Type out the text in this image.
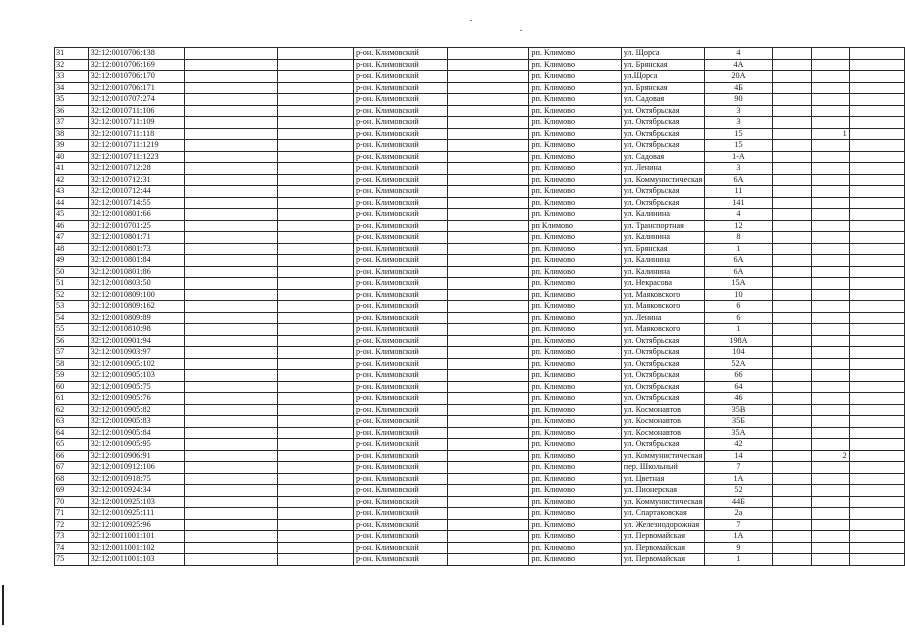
31	32:12:0010706:138			р-он. Климовский		рп. Климово	ул. Щорса	4			
32	32:12:0010706:169			р-он. Климовский		рп. Климово	ул. Брянская	4А			
33	32:12:0010706:170			р-он. Климовский		рп. Климово	ул.Щорса	20А			
34	32:12:0010706:171			р-он. Климовский		рп. Климово	ул. Брянская	4Б			
35	32:12:0010707:274			р-он. Климовский		рп. Климово	ул. Садовая	90			
36	32:12:0010711:106			р-он. Климовский		рп. Климово	ул. Октябрьская	3			
37	32:12:0010711:109			р-он. Климовский		рп. Климово	ул. Октябрьская	3			
38	32:12:0010711:118			р-он. Климовский		рп. Климово	ул. Октябрьская	15		1	
39	32:12:0010711:1219			р-он. Климовский		рп. Климово	ул. Октябрьская	15			
40	32:12:0010711:1223			р-он. Климовский		рп. Климово	ул. Садовая	1-А			
41	32:12:0010712:28			р-он. Климовский		рп. Климово	ул. Ленина	3			
42	32:12:0010712:31			р-он. Климовский		рп. Климово	ул. Коммунистическая	6А			
43	32:12:0010712:44			р-он. Климовский		рп. Климово	ул. Октябрьская	11			
44	32:12:0010714:55			р-он. Климовский		рп. Климово	ул. Октябрьская	141			
45	32:12:0010801:66			р-он. Климовский		рп. Климово	ул. Калинина	4			
46	32:12:0010701:25			р-он. Климовский		рп Климово	ул. Транспортная	12			
47	32:12:0010801:71			р-он. Климовский		рп. Климово	ул. Калинина	8			
48	32:12:0010801:73			р-он. Климовский		рп. Климово	ул. Брянская	1			
49	32:12:0010801:84			р-он. Климовский		рп. Климово	ул. Калинина	6А			
50	32:12:0010801:86			р-он. Климовский		рп. Климово	ул. Калинина	6А			
51	32:12:0010803:50			р-он. Климовский		рп. Климово	ул. Некрасова	15А			
52	32:12:0010809:100			р-он. Климовский		рп. Климово	ул. Маяковского	10			
53	32:12:0010809:162			р-он. Климовский		рп. Климово	ул. Маяковского	6			
54	32:12:0010809:89			р-он. Климовский		рп. Климово	ул. Ленина	6			
55	32:12:0010810:98			р-он. Климовский		рп. Климово	ул. Маяковского	1			
56	32:12:0010901:94			р-он. Климовский		рп. Климово	ул. Октябрьская	198А			
57	32:12:0010903:97			р-он. Климовский		рп. Климово	ул. Октябрьская	104			
58	32:12:0010905:102			р-он. Климовский		рп. Климово	ул. Октябрьская	52А			
59	32:12:0010905:103			р-он. Климовский		рп. Климово	ул. Октябрьская	66			
60	32:12:0010905:75			р-он. Климовский		рп. Климово	ул. Октябрьская	64			
61	32:12:0010905:76			р-он. Климовский		рп. Климово	ул. Октябрьская	46			
62	32:12:0010905:82			р-он. Климовский		рп. Климово	ул. Космонавтов	35В			
63	32:12:0010905:83			р-он. Климовский		рп. Климово	ул. Космонавтов	35Б			
64	32:12:0010905:84			р-он. Климовский		рп. Климово	ул. Космонавтов	35А			
65	32:12:0010905:95			р-он. Климовский		рп. Климово	ул. Октябрьская	42			
66	32:12:0010906:91			р-он. Климовский		рп. Климово	ул. Коммунистическая	14		2	
67	32:12:0010912:106			р-он. Климовский		рп. Климово	пер. Школьный	7			
68	32:12:0010918:75			р-он. Климовский		рп. Климово	ул. Цветная	1А			
69	32:12:0010924:34			р-он. Климовский		рп. Климово	ул. Пионерская	52			
70	32:12:0010925:103			р-он. Климовский		рп. Климово	ул. Коммунистическая	44Б			
71	32:12:0010925:111			р-он. Климовский		рп. Климово	ул. Спартаковская	2а			
72	32:12:0010925:96			р-он. Климовский		рп. Климово	ул. Железнодорожная	7			
73	32:12:0011001:101			р-он. Климовский		рп. Климово	ул. Первомайская	1А			
74	32:12:0011001:102			р-он. Климовский		рп. Климово	ул. Первомайская	9			
75	32:12:0011001:103			р-он. Климовский		рп. Климово	ул. Первомайская	1			
